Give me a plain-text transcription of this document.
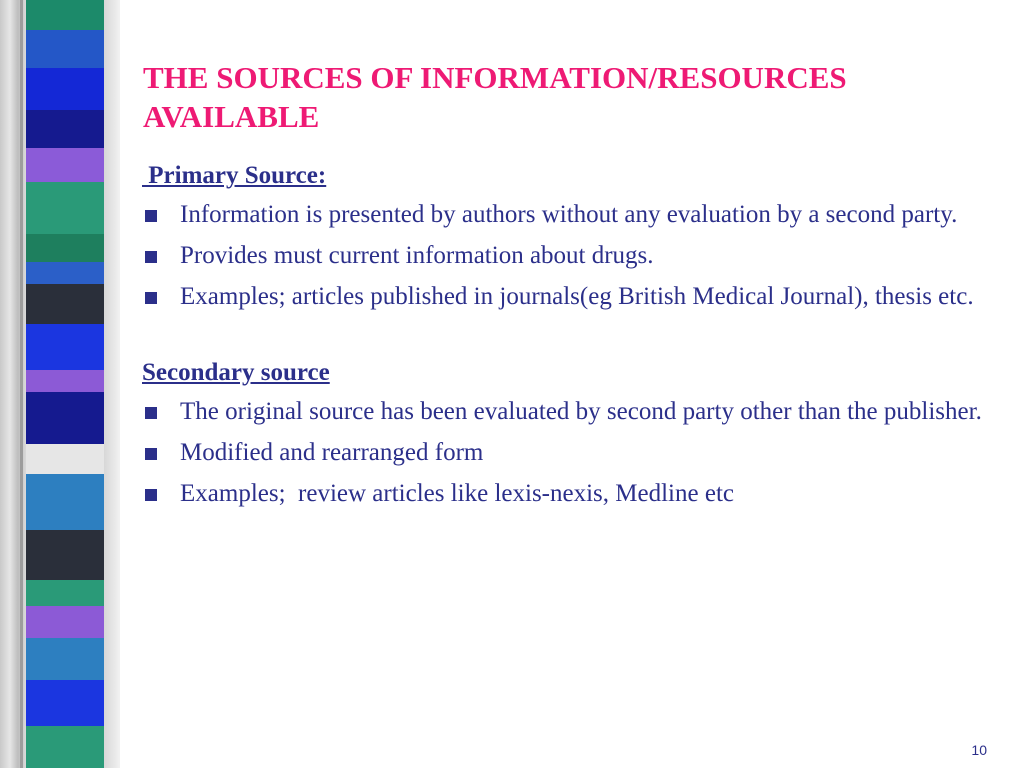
THE SOURCES OF INFORMATION/RESOURCES AVAILABLE
Primary Source:
Information is presented by authors without any evaluation by a second party.
Provides must current information about drugs.
Examples; articles published in journals(eg British Medical Journal), thesis etc.
Secondary source
The original source has been evaluated by second party other than the publisher.
Modified and rearranged form
Examples;  review articles like lexis-nexis, Medline etc
10
